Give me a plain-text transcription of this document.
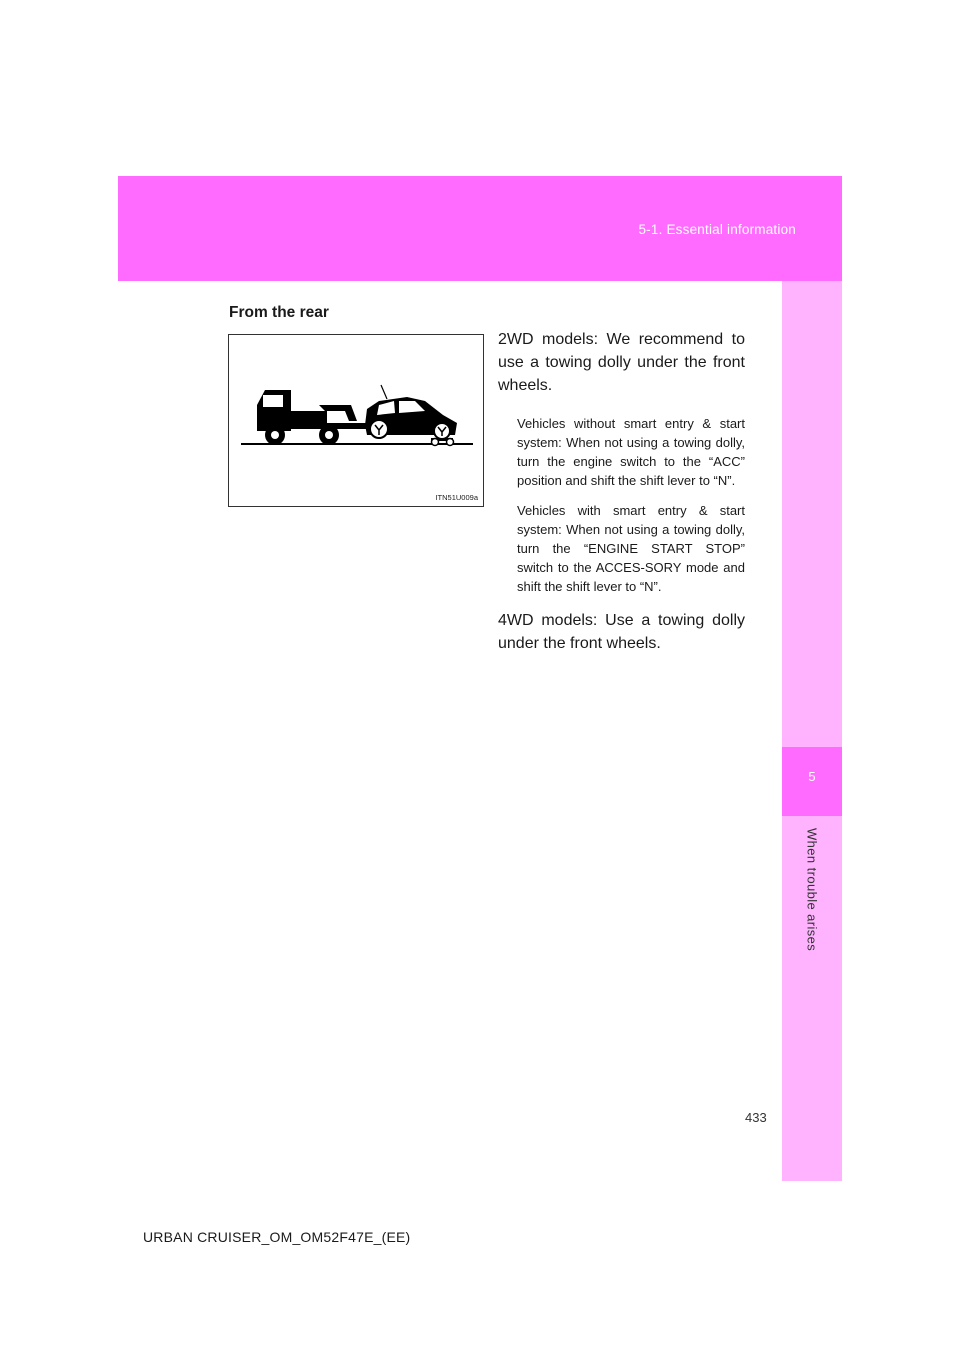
5-1. Essential information
5
When trouble arises
From the rear
ITN51U009a

2WD models: We recommend to use a towing dolly under the front wheels.

Vehicles without smart entry & start system: When not using a towing dolly, turn the engine switch to the “ACC” position and shift the shift lever to “N”.

Vehicles with smart entry & start system: When not using a towing dolly, turn the “ENGINE START STOP” switch to the ACCES-SORY mode and shift the shift lever to “N”.

4WD models: Use a towing dolly under the front wheels.

433
URBAN CRUISER_OM_OM52F47E_(EE)
